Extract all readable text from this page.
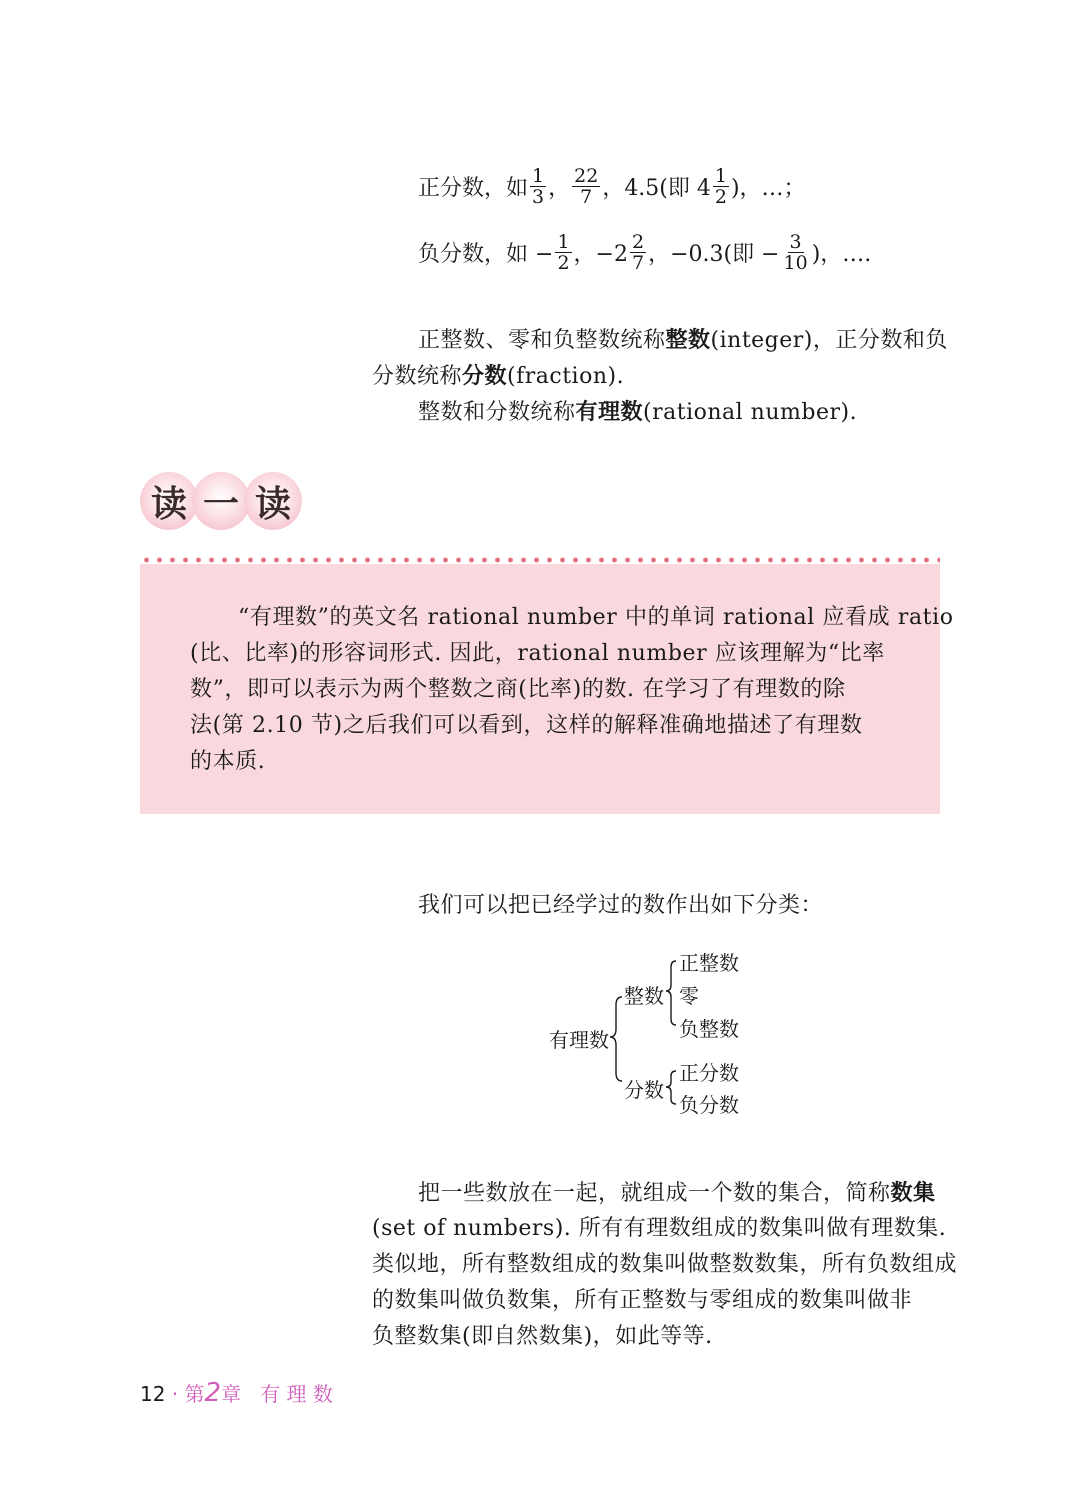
正分数，如 $\frac{1}{3}$ ， $\frac{22}{7}$ ，4.5(即 $4 \frac{1}{2}$ )，…；
负分数，如 − $\frac{1}{2}$ ，$-2 \frac{2}{7}$ ，−0.3(即 − $\frac{3}{10}$ )，….
正整数、零和负整数统称整数(integer)，正分数和负
分数统称分数(fraction).
整数和分数统称有理数(rational number).
读 一 读
“有理数”的英文名 rational number 中的单词 rational 应看成 ratio
(比、比率)的形容词形式. 因此，rational number 应该理解为“比率
数”，即可以表示为两个整数之商(比率)的数. 在学习了有理数的除
法(第 2.10 节)之后我们可以看到，这样的解释准确地描述了有理数
的本质.
我们可以把已经学过的数作出如下分类：
有理数
整数
分数
正整数
零
负整数
正分数
负分数
把一些数放在一起，就组成一个数的集合，简称数集
(set of numbers). 所有有理数组成的数集叫做有理数集.
类似地，所有整数组成的数集叫做整数数集，所有负数组成
的数集叫做负数集，所有正整数与零组成的数集叫做非
负整数集(即自然数集)，如此等等.
12 · 第2章 有 理 数
